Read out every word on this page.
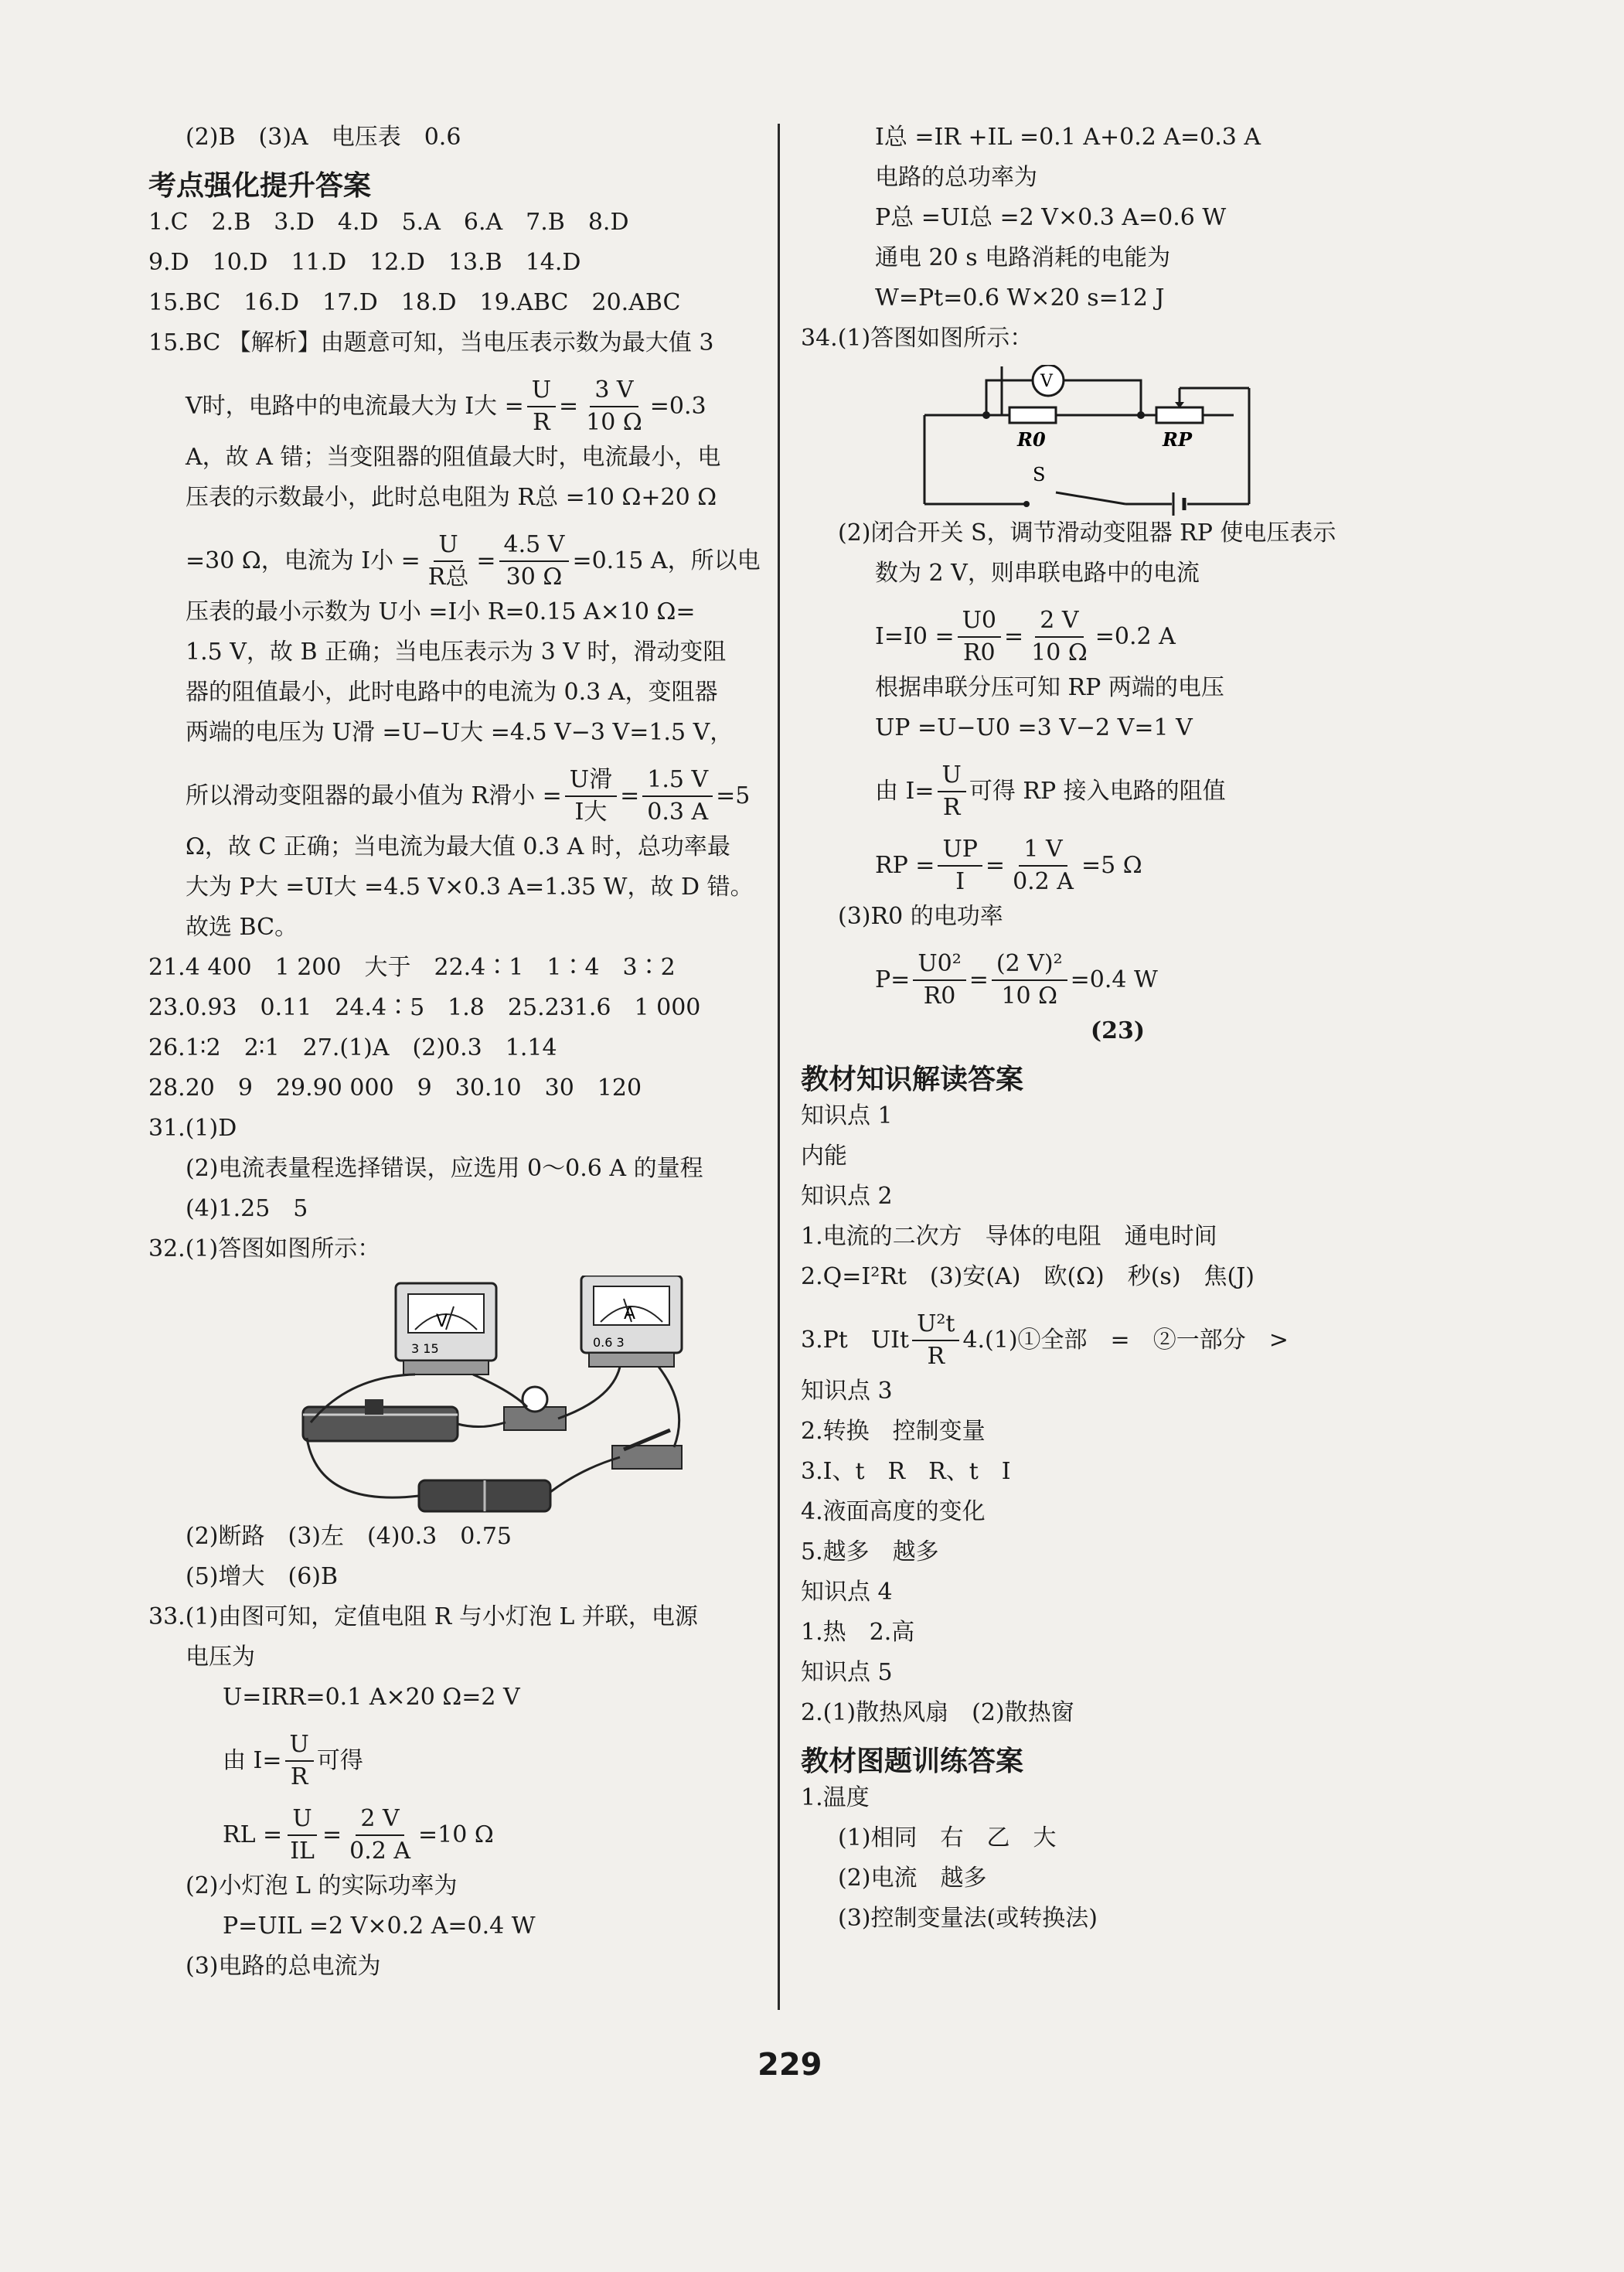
(2)B　(3)A　电压表　0.6

考点强化提升答案

1.C　2.B　3.D　4.D　5.A　6.A　7.B　8.D

9.D　10.D　11.D　12.D　13.B　14.D

15.BC　16.D　17.D　18.D　19.ABC　20.ABC

15.BC 【解析】由题意可知，当电压表示数为最大值 3

V时，电路中的电流最大为 I大 = $\frac{U}{R} = \frac{3 V}{10 \Omega} =0.3$

A，故 A 错；当变阻器的阻值最大时，电流最小，电

压表的示数最小，此时总电阻为 R总 =10 Ω+20 Ω

=30 Ω，电流为 I小 = $\frac{U}{\text{R总}} = \frac{4.5 V}{30 \Omega} =0.15$ A，所以电

压表的最小示数为 U小 =I小 R=0.15 A×10 Ω=

1.5 V，故 B 正确；当电压表示为 3 V 时，滑动变阻

器的阻值最小，此时电路中的电流为 0.3 A，变阻器

两端的电压为 U滑 =U−U大 =4.5 V−3 V=1.5 V，

所以滑动变阻器的最小值为 R滑小 = $\frac{\text{U滑}}{\text{I大}} = \frac{1.5 V}{0.3 A} =5$

Ω，故 C 正确；当电流为最大值 0.3 A 时，总功率最

大为 P大 =UI大 =4.5 V×0.3 A=1.35 W，故 D 错。

故选 BC。

21.4 400　1 200　大于　22.4∶1　1∶4　3∶2

23.0.93　0.11　24.4∶5　1.8　25.231.6　1 000

26.1∶2　2∶1　27.(1)A　(2)0.3　1.14

28.20　9　29.90 000　9　30.10　30　120

31.(1)D

(2)电流表量程选择错误，应选用 0～0.6 A 的量程

(4)1.25　5

32.(1)答图如图所示：

V
3 15
A
0.6 3

(2)断路　(3)左　(4)0.3　0.75

(5)增大　(6)B

33.(1)由图可知，定值电阻 R 与小灯泡 L 并联，电源

电压为

U=IRR=0.1 A×20 Ω=2 V

由 $I= \frac{U}{R}$ 可得
RL = $\frac{U}{IL} = \frac{2 V}{0.2 A} =10$ Ω

(2)小灯泡 L 的实际功率为

P=UIL =2 V×0.2 A=0.4 W

(3)电路的总电流为

I总 =IR +IL =0.1 A+0.2 A=0.3 A

电路的总功率为

P总 =UI总 =2 V×0.3 A=0.6 W

通电 20 s 电路消耗的电能为

W=Pt=0.6 W×20 s=12 J

34.(1)答图如图所示：

V
R0	RP
S

(2)闭合开关 S，调节滑动变阻器 RP 使电压表示

数为 2 V，则串联电路中的电流

$I=I0 = \frac{U0}{R0} = \frac{2 V}{10 \Omega} =0.2$ A

根据串联分压可知 RP 两端的电压

UP =U−U0 =3 V−2 V=1 V

由 $I= \frac{U}{R}$ 可得 RP 接入电路的阻值
RP = $\frac{UP}{I} = \frac{1 V}{0.2 A} =5$ Ω

(3)R0 的电功率

$P= \frac{\text{U0²}}{R0} = \frac{\text{(2 V)²}}{10 \Omega} =0.4$ W

(23)

教材知识解读答案

知识点 1

内能

知识点 2

1.电流的二次方　导体的电阻　通电时间

2.Q=I²Rt　(3)安(A)　欧(Ω)　秒(s)　焦(J)

3.Pt　UIt $\frac{\text{U²t}}{R}$ 4.(1)①全部　=　②一部分　>

知识点 3

2.转换　控制变量

3.I、t　R　R、t　I

4.液面高度的变化

5.越多　越多

知识点 4

1.热　2.高

知识点 5

2.(1)散热风扇　(2)散热窗

教材图题训练答案

1.温度

(1)相同　右　乙　大

(2)电流　越多

(3)控制变量法(或转换法)

229
